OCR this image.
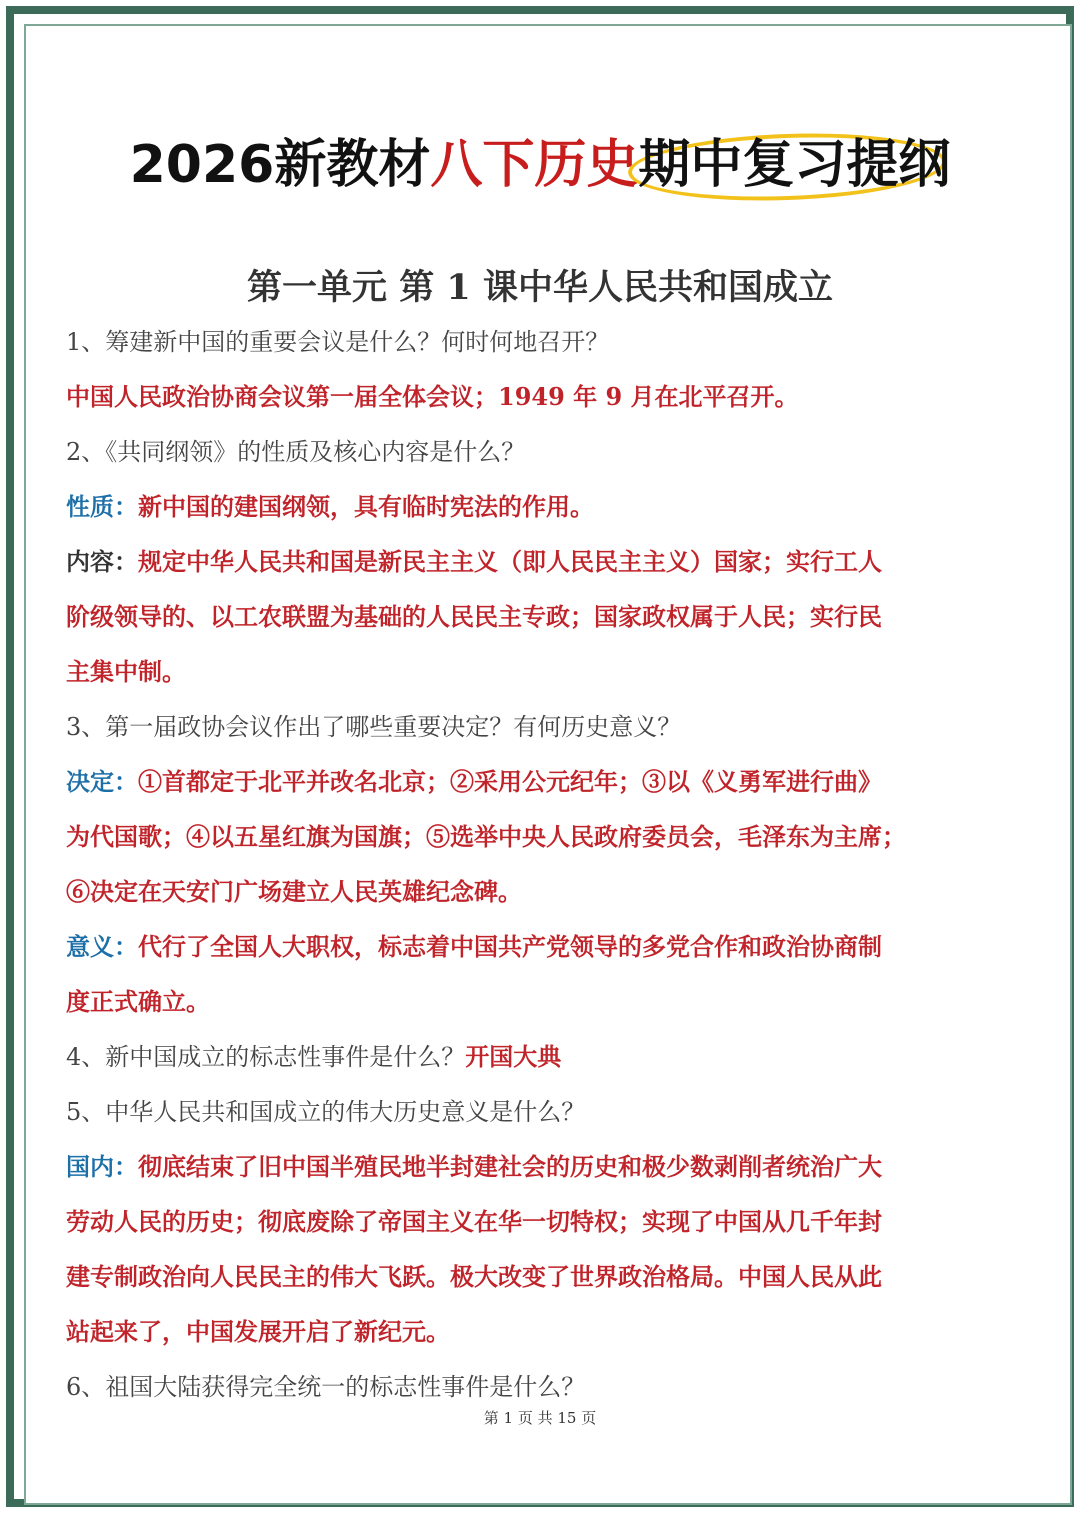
2026新教材八下历史
期中复习提纲
第一单元 第 1 课中华人民共和国成立
1、筹建新中国的重要会议是什么？何时何地召开？
中国人民政治协商会议第一届全体会议；1949 年 9 月在北平召开。
2、《共同纲领》的性质及核心内容是什么？
性质：新中国的建国纲领，具有临时宪法的作用。
内容：规定中华人民共和国是新民主主义（即人民民主主义）国家；实行工人
阶级领导的、以工农联盟为基础的人民民主专政；国家政权属于人民；实行民
主集中制。
3、第一届政协会议作出了哪些重要决定？有何历史意义？
决定：①首都定于北平并改名北京；②采用公元纪年；③以《义勇军进行曲》
为代国歌；④以五星红旗为国旗；⑤选举中央人民政府委员会，毛泽东为主席；
⑥决定在天安门广场建立人民英雄纪念碑。
意义：代行了全国人大职权，标志着中国共产党领导的多党合作和政治协商制
度正式确立。
4、新中国成立的标志性事件是什么？开国大典
5、中华人民共和国成立的伟大历史意义是什么？
国内：彻底结束了旧中国半殖民地半封建社会的历史和极少数剥削者统治广大
劳动人民的历史；彻底废除了帝国主义在华一切特权；实现了中国从几千年封
建专制政治向人民民主的伟大飞跃。极大改变了世界政治格局。中国人民从此
站起来了，中国发展开启了新纪元。
6、祖国大陆获得完全统一的标志性事件是什么？
第 1 页 共 15 页
